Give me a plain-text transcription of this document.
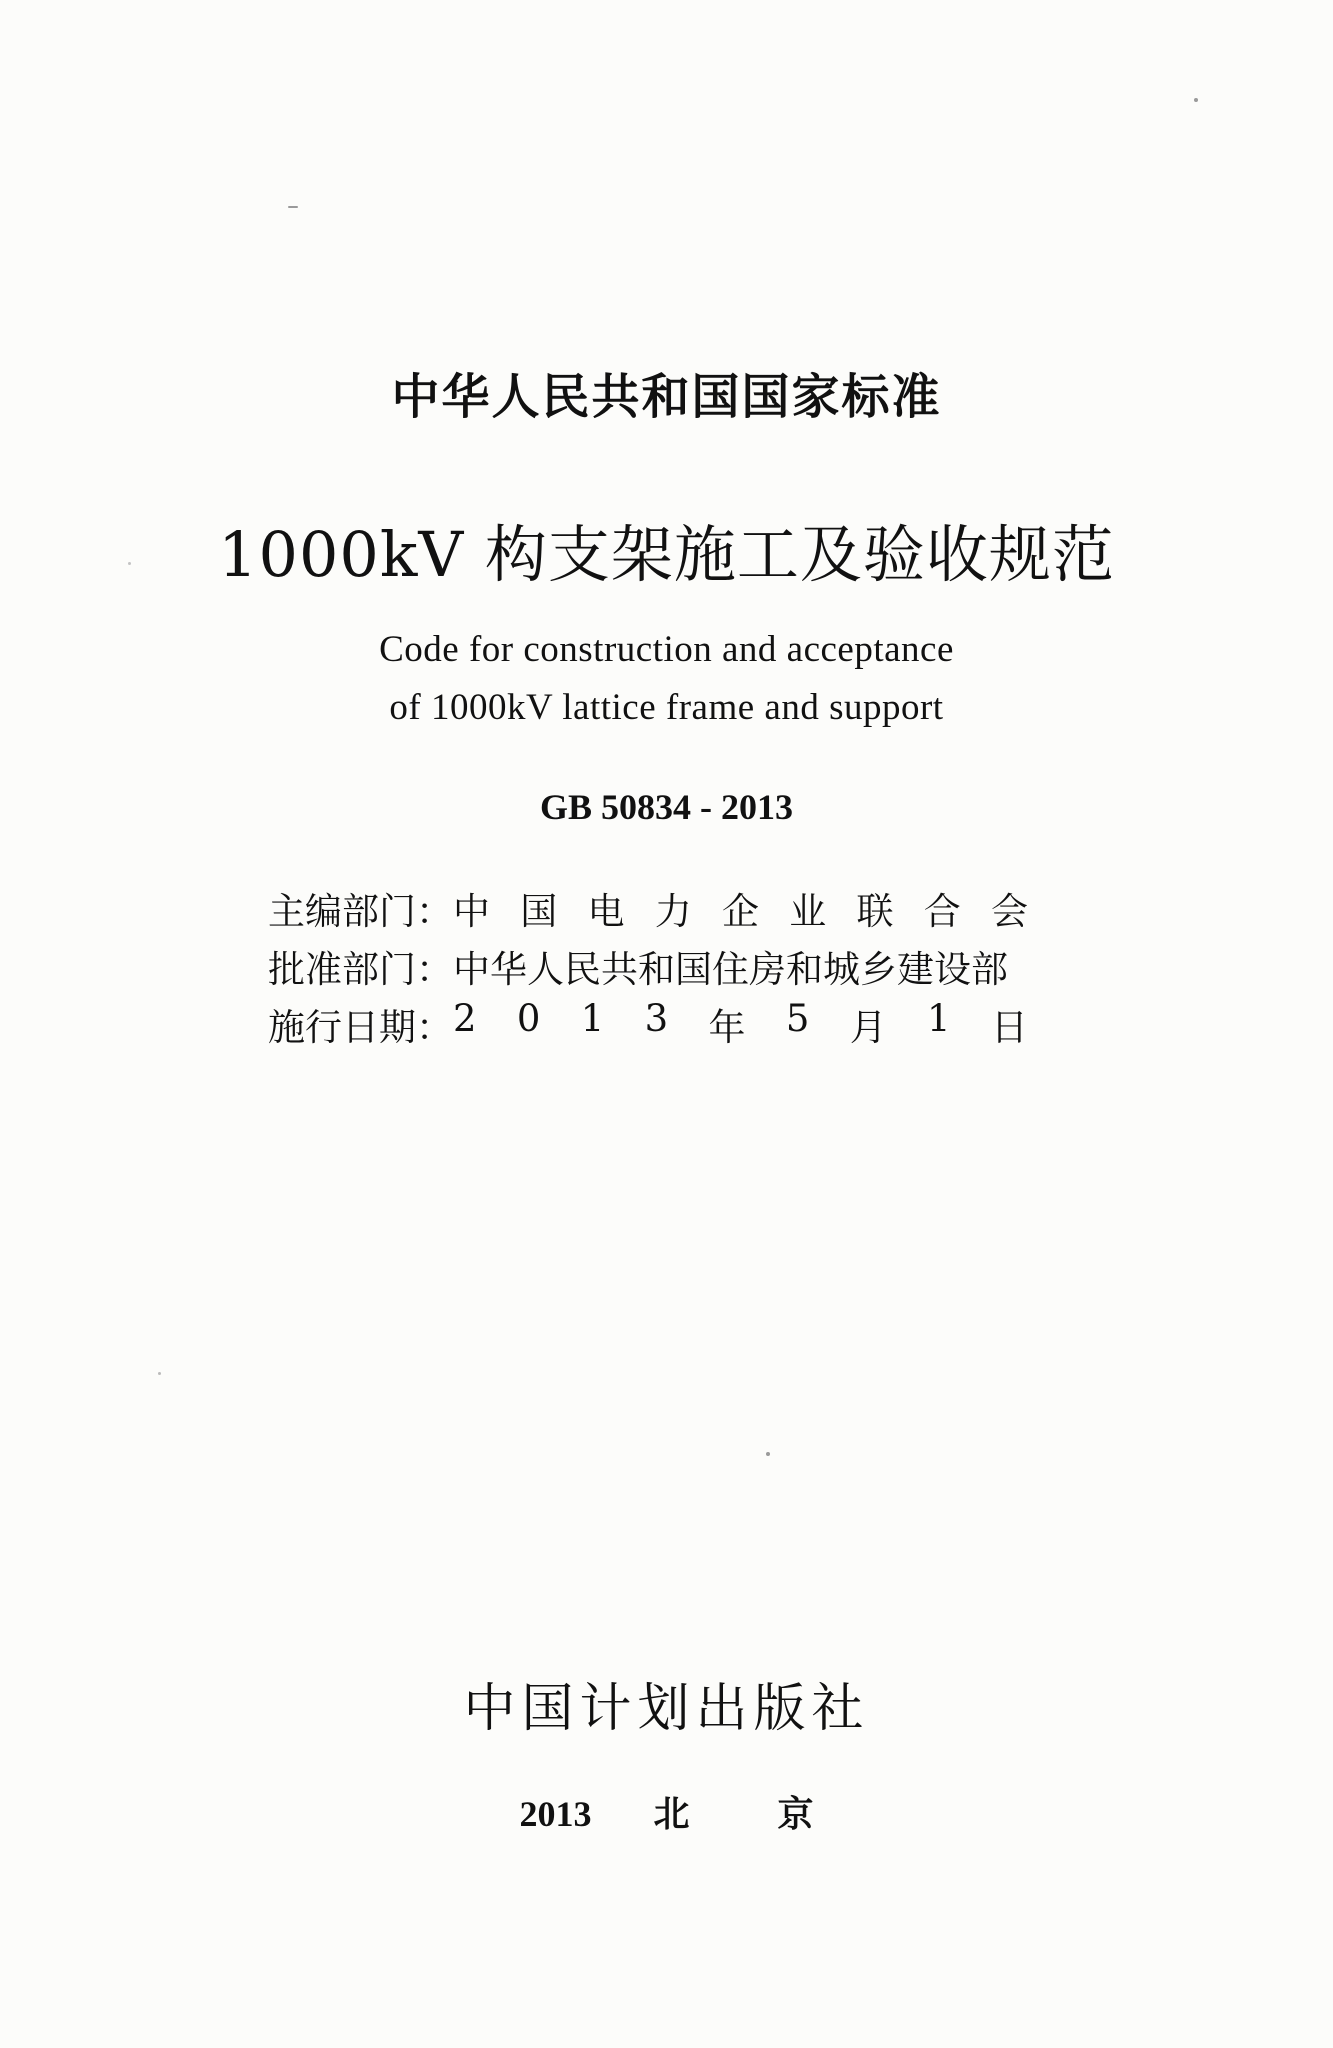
中华人民共和国国家标准
1000kV 构支架施工及验收规范
Code for construction and acceptance
of 1000kV lattice frame and support
GB 50834 - 2013
主编部门： 中 国 电 力 企 业 联 合 会
批准部门： 中华人民共和国住房和城乡建设部
施行日期： 2 0 1 3 年 5 月 1 日
中国计划出版社
2013 北 京
